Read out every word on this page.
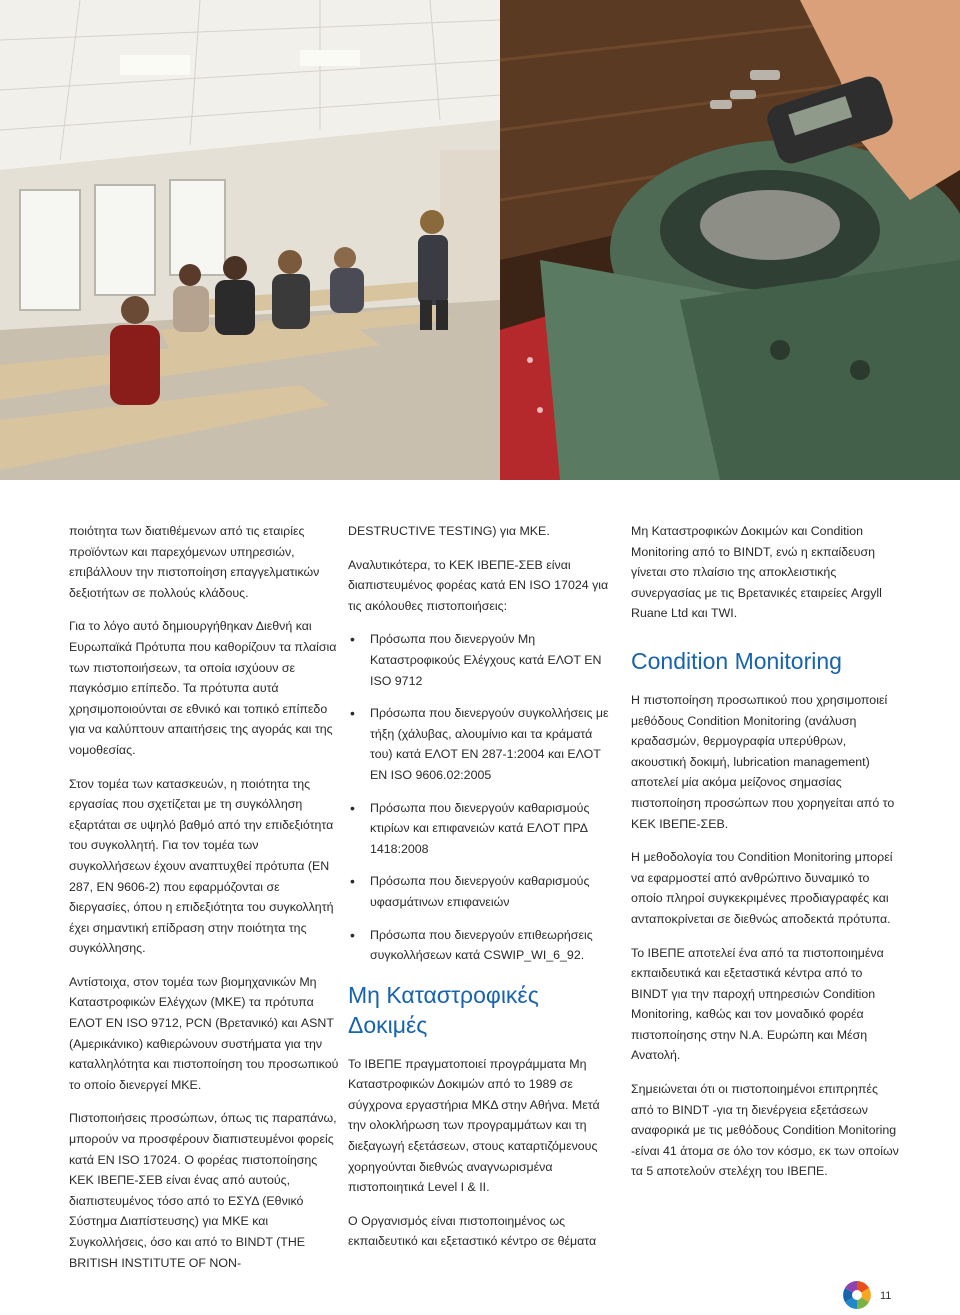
ποιότητα των διατιθέμενων από τις εταιρίες προϊόντων και παρεχόμενων υπηρεσιών, επιβάλλουν την πιστοποίηση επαγγελματικών δεξιοτήτων σε πολλούς κλάδους.

Για το λόγο αυτό δημιουργήθηκαν Διεθνή και Ευρωπαϊκά Πρότυπα που καθορίζουν τα πλαίσια των πιστοποιήσεων, τα οποία ισχύουν σε παγκόσμιο επίπεδο. Τα πρότυπα αυτά χρησιμοποιούνται σε εθνικό και τοπικό επίπεδο για να καλύπτουν απαιτήσεις της αγοράς και της νομοθεσίας.

Στον τομέα των κατασκευών, η ποιότητα της εργασίας που σχετίζεται με τη συγκόλληση εξαρτάται σε υψηλό βαθμό από την επιδεξιότητα του συγκολλητή. Για τον τομέα των συγκολλήσεων έχουν αναπτυχθεί πρότυπα (EN 287, EN 9606-2) που εφαρμόζονται σε διεργασίες, όπου η επιδεξιότητα του συγκολλητή έχει σημαντική επίδραση στην ποιότητα της συγκόλλησης.

Αντίστοιχα, στον τομέα των βιομηχανικών Μη Καταστροφικών Ελέγχων (ΜΚΕ) τα πρότυπα ΕΛΟΤ EN ISO 9712, PCN (Βρετανικό) και ASNT (Αμερικάνικο) καθιερώνουν συστήματα για την καταλληλότητα και πιστοποίηση του προσωπικού το οποίο διενεργεί ΜΚΕ.

Πιστοποιήσεις προσώπων, όπως τις παραπάνω, μπορούν να προσφέρουν διαπιστευμένοι φορείς κατά EN ISO 17024. Ο φορέας πιστοποίησης ΚΕΚ ΙΒΕΠΕ-ΣΕΒ είναι ένας από αυτούς, διαπιστευμένος τόσο από το ΕΣΥΔ (Εθνικό Σύστημα Διαπίστευσης) για ΜΚΕ και Συγκολλήσεις, όσο και από το BINDT (THE BRITISH INSTITUTE OF NON-

DESTRUCTIVE TESTING) για ΜΚΕ.

Αναλυτικότερα, το ΚΕΚ ΙΒΕΠΕ-ΣΕΒ είναι διαπιστευμένος φορέας κατά EN ISO 17024 για τις ακόλουθες πιστοποιήσεις:

• Πρόσωπα που διενεργούν Μη Καταστροφικούς Ελέγχους κατά ΕΛΟΤ EN ISO 9712
• Πρόσωπα που διενεργούν συγκολλήσεις με τήξη (χάλυβας, αλουμίνιο και τα κράματά του) κατά ΕΛΟΤ EN 287-1:2004 και ΕΛΟΤ EN ISO 9606.02:2005
• Πρόσωπα που διενεργούν καθαρισμούς κτιρίων και επιφανειών κατά ΕΛΟΤ ΠΡΔ 1418:2008
• Πρόσωπα που διενεργούν καθαρισμούς υφασμάτινων επιφανειών
• Πρόσωπα που διενεργούν επιθεωρήσεις συγκολλήσεων κατά CSWIP_WI_6_92.
Μη Καταστροφικές Δοκιμές

Το ΙΒΕΠΕ πραγματοποιεί προγράμματα Μη Καταστροφικών Δοκιμών από το 1989 σε σύγχρονα εργαστήρια ΜΚΔ στην Αθήνα. Μετά την ολοκλήρωση των προγραμμάτων και τη διεξαγωγή εξετάσεων, στους καταρτιζόμενους χορηγούνται διεθνώς αναγνωρισμένα πιστοποιητικά Level I & II.

Ο Οργανισμός είναι πιστοποιημένος ως εκπαιδευτικό και εξεταστικό κέντρο σε θέματα

Μη Καταστροφικών Δοκιμών και Condition Monitoring από το BINDT, ενώ η εκπαίδευση γίνεται στο πλαίσιο της αποκλειστικής συνεργασίας με τις Βρετανικές εταιρείες Argyll Ruane Ltd και TWI.

Condition Monitoring

Η πιστοποίηση προσωπικού που χρησιμοποιεί μεθόδους Condition Monitoring (ανάλυση κραδασμών, θερμογραφία υπερύθρων, ακουστική δοκιμή, lubrication management) αποτελεί μία ακόμα μείζονος σημασίας πιστοποίηση προσώπων που χορηγείται από το ΚΕΚ ΙΒΕΠΕ-ΣΕΒ.

Η μεθοδολογία του Condition Monitoring μπορεί να εφαρμοστεί από ανθρώπινο δυναμικό το οποίο πληροί συγκεκριμένες προδιαγραφές και ανταποκρίνεται σε διεθνώς αποδεκτά πρότυπα.

Το ΙΒΕΠΕ αποτελεί ένα από τα πιστοποιημένα εκπαιδευτικά και εξεταστικά κέντρα από το BINDT για την παροχή υπηρεσιών Condition Monitoring, καθώς και τον μοναδικό φορέα πιστοποίησης στην Ν.Α. Ευρώπη και Μέση Ανατολή.

Σημειώνεται ότι οι πιστοποιημένοι επιπρηπές από το BINDT -για τη διενέργεια εξετάσεων αναφορικά με τις μεθόδους Condition Monitoring -είναι 41 άτομα σε όλο τον κόσμο, εκ των οποίων τα 5 αποτελούν στελέχη του ΙΒΕΠΕ.

11
